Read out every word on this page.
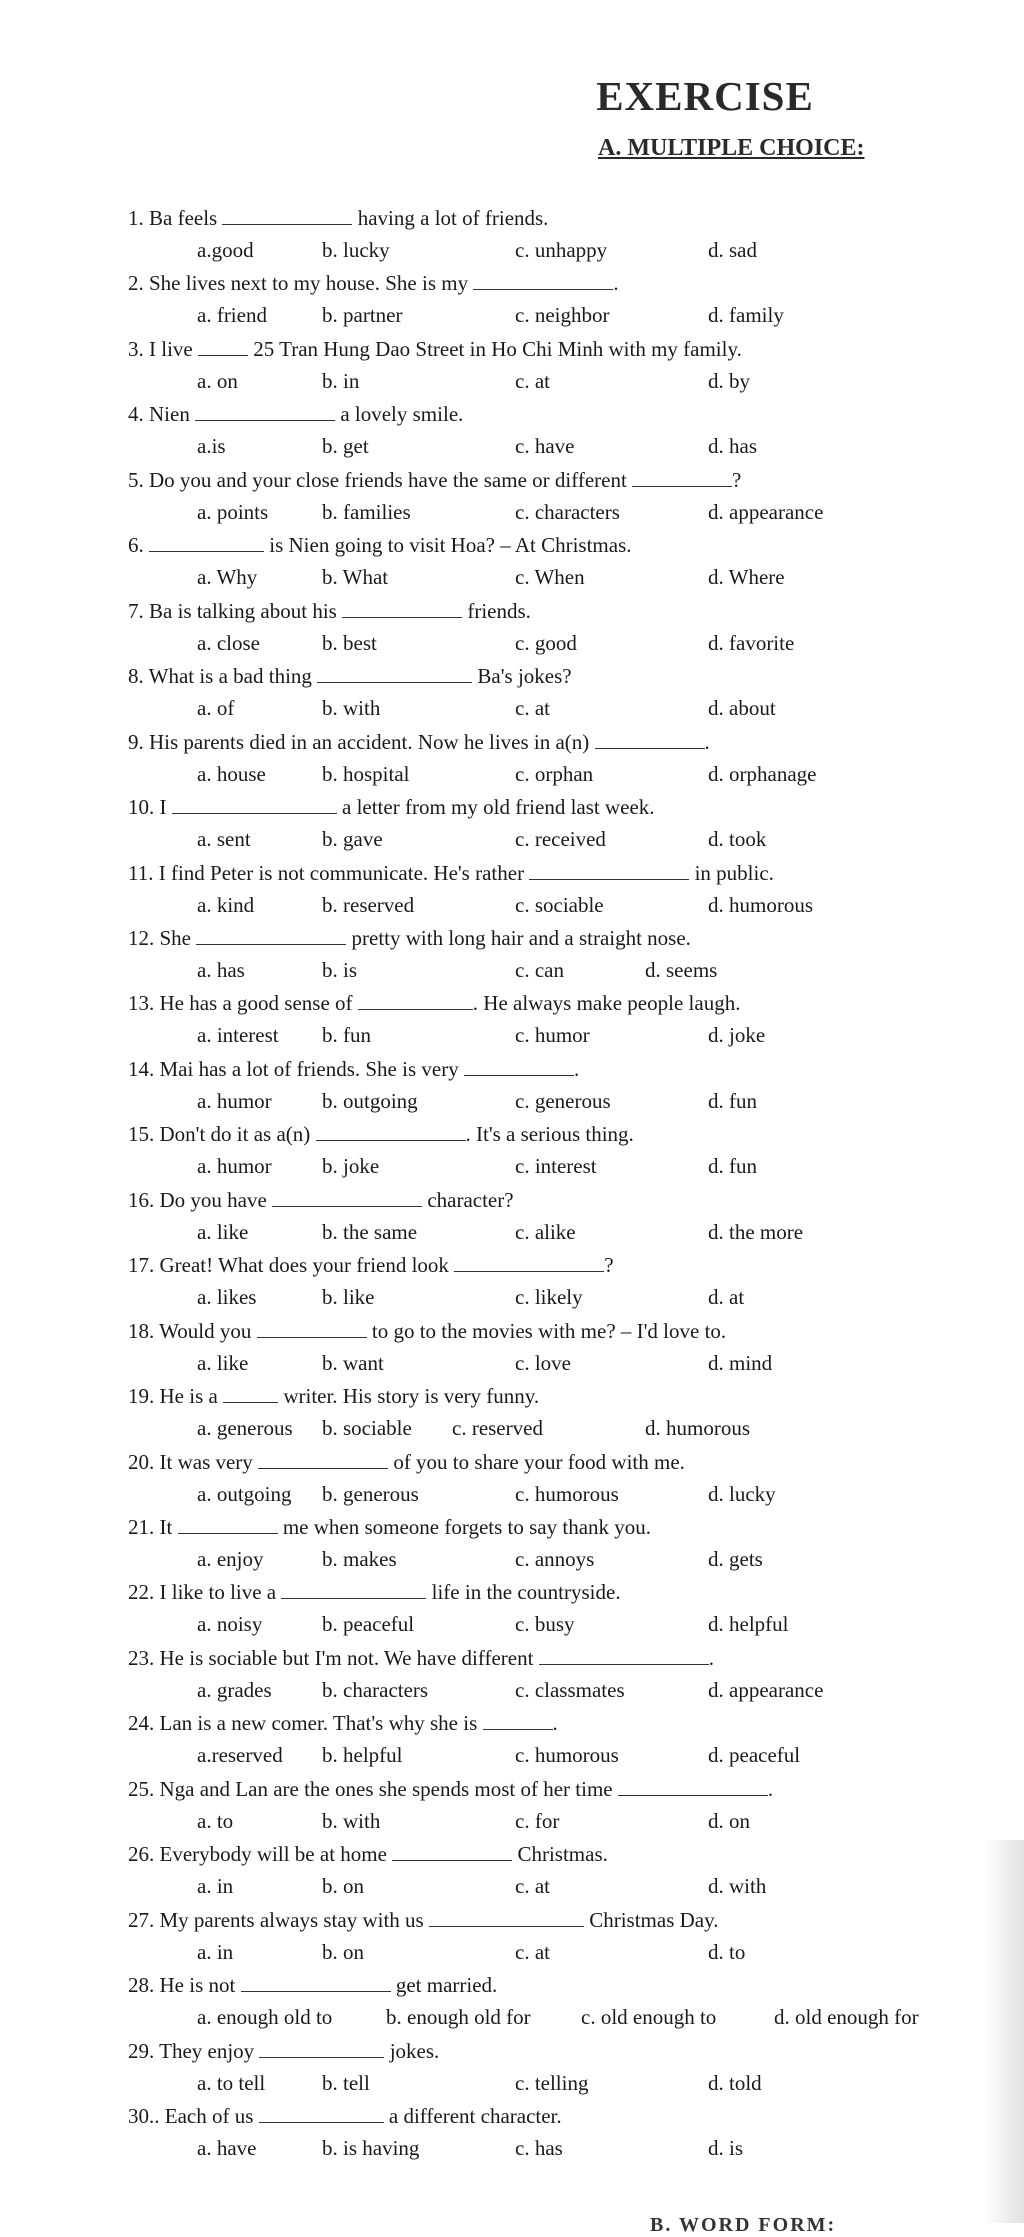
EXERCISE
A. MULTIPLE CHOICE:
1. Ba feels	having a lot of friends.
a.good	b. lucky	c. unhappy	d. sad
2. She lives next to my house. She is my	.
a. friend	b. partner	c. neighbor	d. family
3. I live  25 Tran Hung Dao Street in Ho Chi Minh with my family.
a. on	b. in	c. at	d. by
4. Nien	a lovely smile.
a.is	b. get	c. have	d. has
5. Do you and your close friends have the same or different	?
a. points	b. families	c. characters	d. appearance
6.	is Nien going to visit Hoa? – At Christmas.
a. Why	b. What	c. When	d. Where
7. Ba is talking about his	friends.
a. close	b. best	c. good	d. favorite
8. What is a bad thing	Ba's jokes?
a. of	b. with	c. at	d. about
9. His parents died in an accident. Now he lives in a(n)	.
a. house	b. hospital	c. orphan	d. orphanage
10. I	a letter from my old friend last week.
a. sent	b. gave	c. received	d. took
11. I find Peter is not communicate. He's rather	in public.
a. kind	b. reserved	c. sociable	d. humorous
12. She	pretty with long hair and a straight nose.
a. has	b. is	c. can	d. seems
13. He has a good sense of	. He always make people laugh.
a. interest b. fun	c. humor	d. joke
14. Mai has a lot of friends. She is very	.
a. humor b. outgoing	c. generous	d. fun
15. Don't do it as a(n)	. It's a serious thing.
a. humor b. joke	c. interest	d. fun
16. Do you have	character?
a. like	b. the same	c. alike	d. the more
17. Great! What does your friend look	?
a. likes	b. like	c. likely	d. at
18. Would you	to go to the movies with me? – I'd love to.
a. like	b. want	c. love	d. mind
19. He is a	writer. His story is very funny.
a. generous b. sociable c. reserved	d. humorous
20. It was very	of you to share your food with me.
a. outgoing b. generous	c. humorous	d. lucky
21. It	me when someone forgets to say thank you.
a. enjoy	b. makes	c. annoys	d. gets
22. I like to live a	life in the countryside.
a. noisy	b. peaceful	c. busy	d. helpful
23. He is sociable but I'm not. We have different	.
a. grades b. characters	c. classmates	d. appearance
24. Lan is a new comer. That's why she is	.
a.reserved b. helpful	c. humorous	d. peaceful
25. Nga and Lan are the ones she spends most of her time	.
a. to	b. with	c. for	d. on
26. Everybody will be at home	Christmas.
a. in	b. on	c. at	d. with
27. My parents always stay with us	Christmas Day.
a. in	b. on	c. at	d. to
28. He is not	get married.
a. enough old to	b. enough old for c. old enough to	d. old enough for
29. They enjoy	jokes.
a. to tell	b. tell	c. telling	d. told
30.. Each of us	a different character.
a. have	b. is having	c. has	d. is
B. WORD FORM:
